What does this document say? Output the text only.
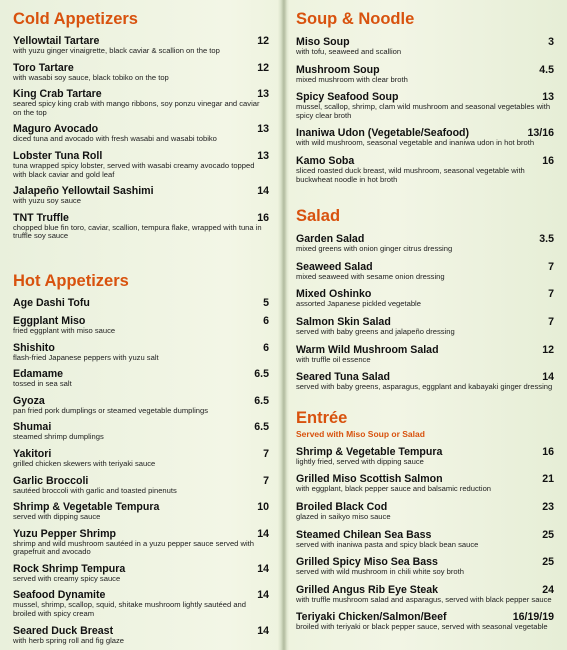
Cold Appetizers
Yellowtail Tartare	12
with yuzu ginger vinaigrette, black caviar & scallion on the top
Toro Tartare	12
with wasabi soy sauce, black tobiko on the top
King Crab Tartare	13
seared spicy king crab with mango ribbons, soy ponzu vinegar and caviar on the top
Maguro Avocado	13
diced tuna and avocado with fresh wasabi and wasabi tobiko
Lobster Tuna Roll	13
tuna wrapped spicy lobster, served with wasabi creamy avocado topped with black caviar and gold leaf
Jalapeño Yellowtail Sashimi	14
with yuzu soy sauce
TNT Truffle	16
chopped blue fin toro, caviar, scallion, tempura flake, wrapped with tuna in truffle soy sauce
Hot Appetizers
Age Dashi Tofu	5
Eggplant Miso	6
fried eggplant with miso sauce
Shishito	6
flash-fried Japanese peppers with yuzu salt
Edamame	6.5
tossed in sea salt
Gyoza	6.5
pan fried pork dumplings or steamed vegetable dumplings
Shumai	6.5
steamed shrimp dumplings
Yakitori	7
grilled chicken skewers with teriyaki sauce
Garlic Broccoli	7
sautéed broccoli with garlic and toasted pinenuts
Shrimp & Vegetable Tempura	10
served with dipping sauce
Yuzu Pepper Shrimp	14
shrimp and wild mushroom sautéed in a yuzu pepper sauce served with grapefruit and avocado
Rock Shrimp Tempura	14
served with creamy spicy sauce
Seafood Dynamite	14
mussel, shrimp, scallop, squid, shitake mushroom lightly sautéed and broiled with spicy cream
Seared Duck Breast	14
with herb spring roll and fig glaze
Soup & Noodle
Miso Soup	3
with tofu, seaweed and scallion
Mushroom Soup	4.5
mixed mushroom with clear broth
Spicy Seafood Soup	13
mussel, scallop, shrimp, clam wild mushroom and seasonal vegetables with spicy clear broth
Inaniwa Udon (Vegetable/Seafood)	13/16
with wild mushroom, seasonal vegetable and inaniwa udon in hot broth
Kamo Soba	16
sliced roasted duck breast, wild mushroom, seasonal vegetable with buckwheat noodle in hot broth
Salad
Garden Salad	3.5
mixed greens with onion ginger citrus dressing
Seaweed Salad	7
mixed seaweed with sesame onion dressing
Mixed Oshinko	7
assorted Japanese pickled vegetable
Salmon Skin Salad	7
served with baby greens and jalapeño dressing
Warm Wild Mushroom Salad	12
with truffle oil essence
Seared Tuna Salad	14
served with baby greens, asparagus, eggplant and kabayaki ginger dressing
Entrée
Served with Miso Soup or Salad
Shrimp & Vegetable Tempura	16
lightly fried, served with dipping sauce
Grilled Miso Scottish Salmon	21
with eggplant, black pepper sauce and balsamic reduction
Broiled Black Cod	23
glazed in saikyo miso sauce
Steamed Chilean Sea Bass	25
served with inaniwa pasta and spicy black bean sauce
Grilled Spicy Miso Sea Bass	25
served with wild mushroom in chili white soy broth
Grilled Angus Rib Eye Steak	24
with truffle mushroom salad and asparagus, served with black pepper sauce
Teriyaki Chicken/Salmon/Beef	16/19/19
broiled with teriyaki or black pepper sauce, served with seasonal vegetable
